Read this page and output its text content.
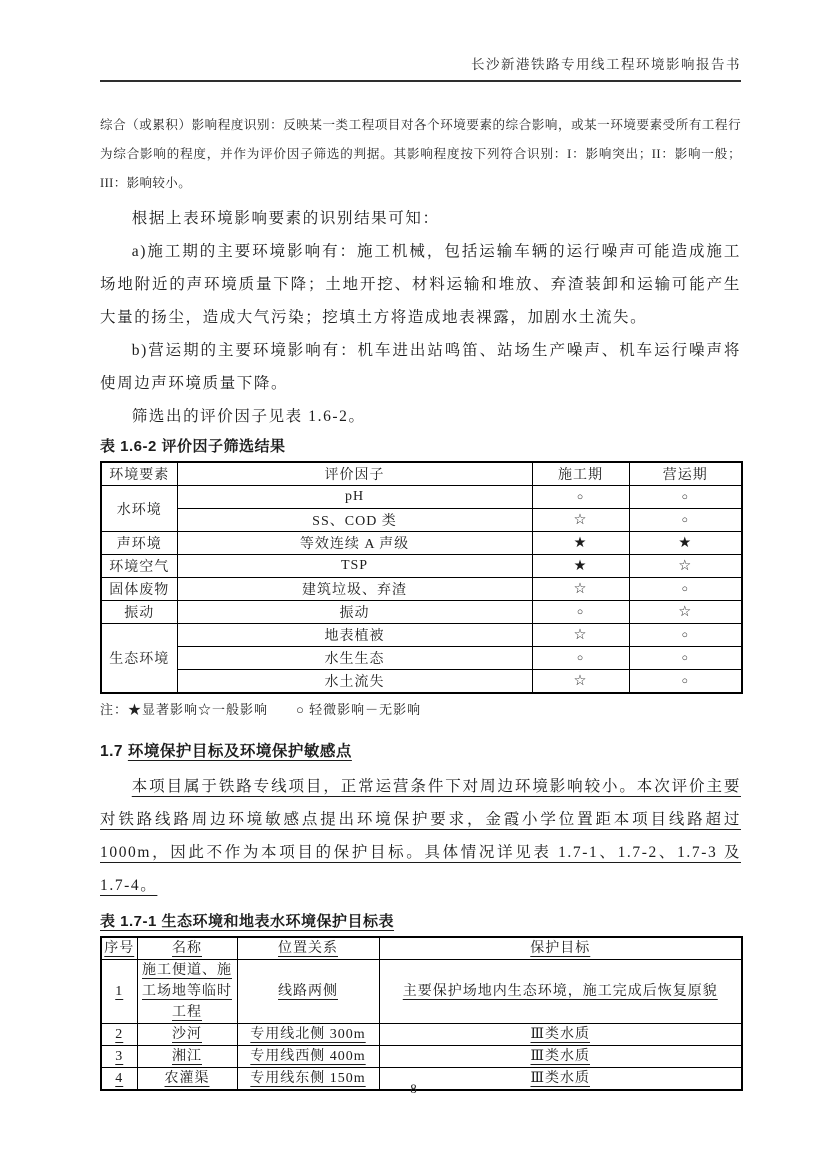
长沙新港铁路专用线工程环境影响报告书

综合（或累积）影响程度识别：反映某一类工程项目对各个环境要素的综合影响，或某一环境要素受所有工程行为综合影响的程度，并作为评价因子筛选的判据。其影响程度按下列符合识别：I：影响突出；II：影响一般；III：影响较小。

根据上表环境影响要素的识别结果可知：

a)施工期的主要环境影响有：施工机械，包括运输车辆的运行噪声可能造成施工场地附近的声环境质量下降；土地开挖、材料运输和堆放、弃渣装卸和运输可能产生大量的扬尘，造成大气污染；挖填土方将造成地表裸露，加剧水土流失。

b)营运期的主要环境影响有：机车进出站鸣笛、站场生产噪声、机车运行噪声将使周边声环境质量下降。

筛选出的评价因子见表 1.6-2。

表 1.6-2 评价因子筛选结果
环境要素	评价因子	施工期	营运期
水环境	pH	○	○
	SS、COD 类	☆	○
声环境	等效连续 A 声级	★	★
环境空气	TSP	★	☆
固体废物	建筑垃圾、弃渣	☆	○
振动	振动	○	☆
生态环境	地表植被	☆	○
	水生生态	○	○
	水土流失	☆	○
注：★显著影响☆一般影响　　○ 轻微影响－无影响
1.7 环境保护目标及环境保护敏感点

本项目属于铁路专线项目，正常运营条件下对周边环境影响较小。本次评价主要对铁路线路周边环境敏感点提出环境保护要求，金霞小学位置距本项目线路超过1000m，因此不作为本项目的保护目标。具体情况详见表 1.7-1、1.7-2、1.7-3 及 1.7-4。

表 1.7-1 生态环境和地表水环境保护目标表
序号	名称	位置关系	保护目标
1	施工便道、施工场地等临时工程	线路两侧	主要保护场地内生态环境，施工完成后恢复原貌
2	沙河	专用线北侧 300m	Ⅲ类水质
3	湘江	专用线西侧 400m	Ⅲ类水质
4	农灌渠	专用线东侧 150m	Ⅲ类水质
8
